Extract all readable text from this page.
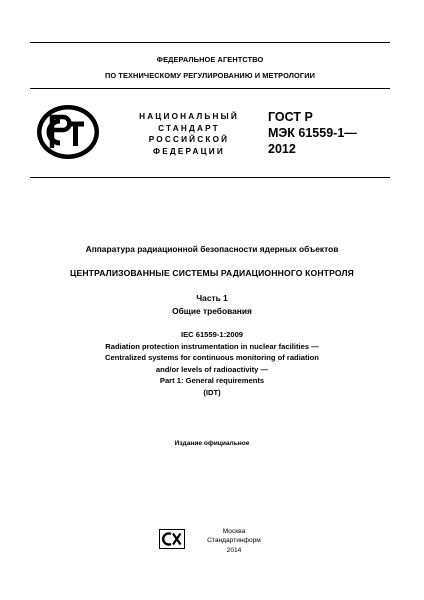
ФЕДЕРАЛЬНОЕ АГЕНТСТВО
ПО ТЕХНИЧЕСКОМУ РЕГУЛИРОВАНИЮ И МЕТРОЛОГИИ
НАЦИОНАЛЬНЫЙ
СТАНДАРТ
РОССИЙСКОЙ
ФЕДЕРАЦИИ
ГОСТ Р
МЭК 61559-1—
2012
Аппаратура радиационной безопасности ядерных объектов
ЦЕНТРАЛИЗОВАННЫЕ СИСТЕМЫ РАДИАЦИОННОГО КОНТРОЛЯ
Часть 1
Общие требования
IEC 61559-1:2009
Radiation protection instrumentation in nuclear facilities —
Centralized systems for continuous monitoring of radiation
and/or levels of radioactivity —
Part 1: General requirements
(IDT)
Издание официальное
Москва
Стандартинформ
2014
